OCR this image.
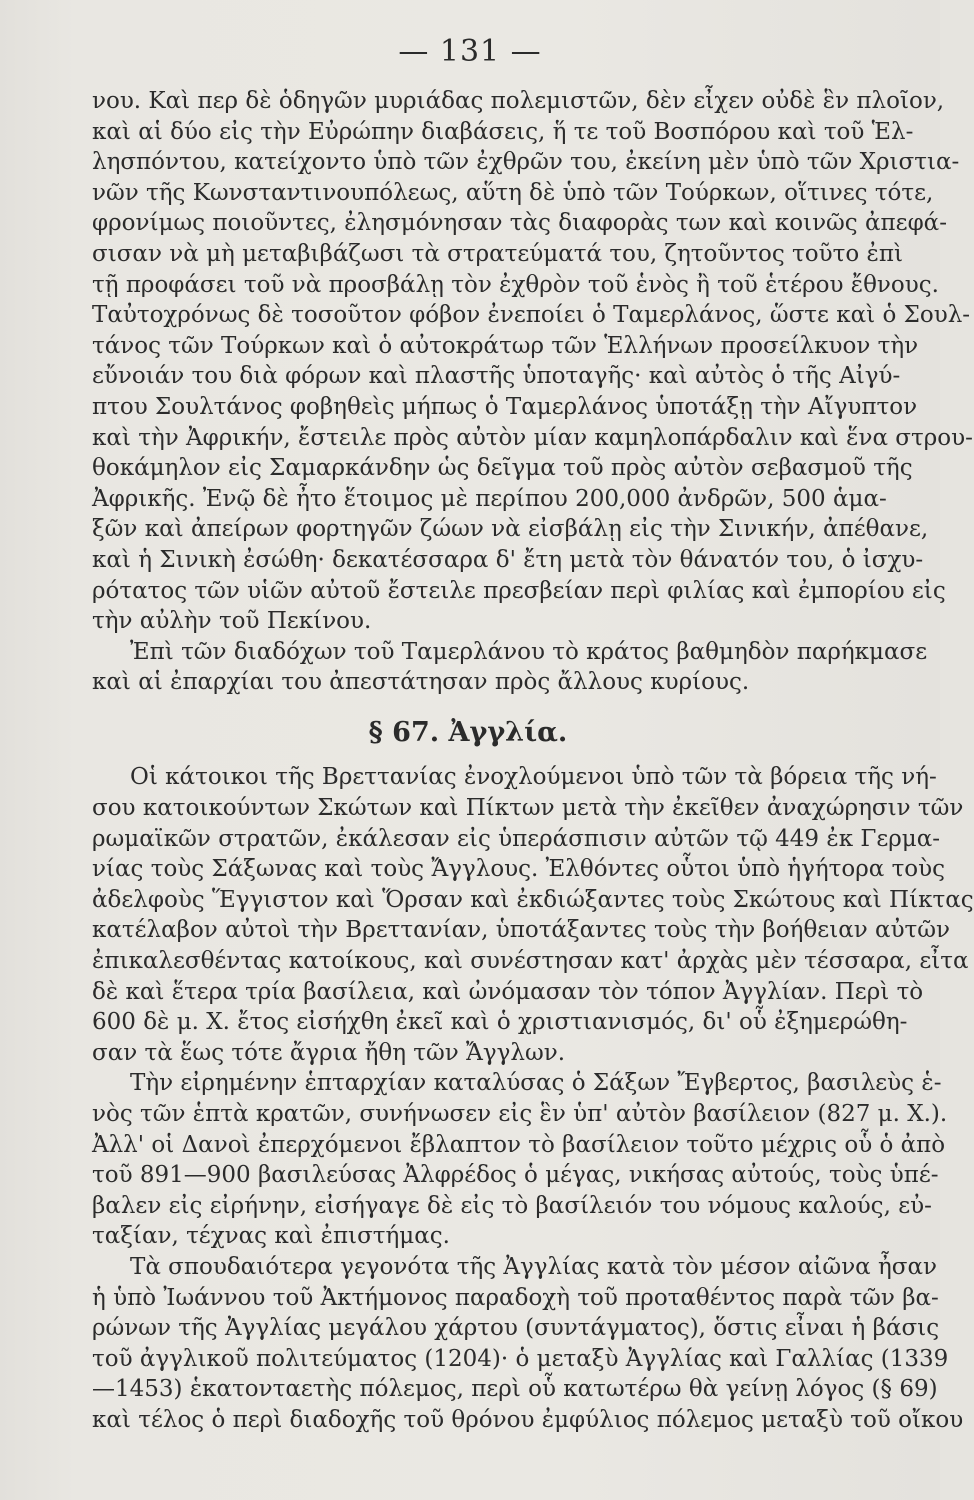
— 131 —
νου. Καὶ περ δὲ ὁδηγῶν μυριάδας πολεμιστῶν, δὲν εἶχεν οὐδὲ ἓν πλοῖον,
καὶ αἱ δύο εἰς τὴν Εὐρώπην διαβάσεις, ἥ τε τοῦ Βοσπόρου καὶ τοῦ Ἑλ-
λησπόντου, κατείχοντο ὑπὸ τῶν ἐχθρῶν του, ἐκείνη μὲν ὑπὸ τῶν Χριστια-
νῶν τῆς Κωνσταντινουπόλεως, αὕτη δὲ ὑπὸ τῶν Τούρκων, οἵτινες τότε,
φρονίμως ποιοῦντες, ἐλησμόνησαν τὰς διαφορὰς των καὶ κοινῶς ἀπεφά-
σισαν νὰ μὴ μεταβιβάζωσι τὰ στρατεύματά του, ζητοῦντος τοῦτο ἐπὶ
τῇ προφάσει τοῦ νὰ προσβάλῃ τὸν ἐχθρὸν τοῦ ἑνὸς ἢ τοῦ ἑτέρου ἔθνους.
Ταὐτοχρόνως δὲ τοσοῦτον φόβον ἐνεποίει ὁ Ταμερλάνος, ὥστε καὶ ὁ Σουλ-
τάνος τῶν Τούρκων καὶ ὁ αὐτοκράτωρ τῶν Ἑλλήνων προσείλκυον τὴν
εὔνοιάν του διὰ φόρων καὶ πλαστῆς ὑποταγῆς· καὶ αὐτὸς ὁ τῆς Αἰγύ-
πτου Σουλτάνος φοβηθεὶς μήπως ὁ Ταμερλάνος ὑποτάξῃ τὴν Αἴγυπτον
καὶ τὴν Ἀφρικήν, ἔστειλε πρὸς αὐτὸν μίαν καμηλοπάρδαλιν καὶ ἕνα στρου-
θοκάμηλον εἰς Σαμαρκάνδην ὡς δεῖγμα τοῦ πρὸς αὐτὸν σεβασμοῦ τῆς
Ἀφρικῆς. Ἐνῷ δὲ ἦτο ἕτοιμος μὲ περίπου 200,000 ἀνδρῶν, 500 ἁμα-
ξῶν καὶ ἀπείρων φορτηγῶν ζώων νὰ εἰσβάλῃ εἰς τὴν Σινικήν, ἀπέθανε,
καὶ ἡ Σινικὴ ἐσώθη· δεκατέσσαρα δ' ἔτη μετὰ τὸν θάνατόν του, ὁ ἰσχυ-
ρότατος τῶν υἱῶν αὐτοῦ ἔστειλε πρεσβείαν περὶ φιλίας καὶ ἐμπορίου εἰς
τὴν αὐλὴν τοῦ Πεκίνου.
Ἐπὶ τῶν διαδόχων τοῦ Ταμερλάνου τὸ κράτος βαθμηδὸν παρήκμασε
καὶ αἱ ἐπαρχίαι του ἀπεστάτησαν πρὸς ἄλλους κυρίους.
§ 67. Ἀγγλία.
Οἱ κάτοικοι τῆς Βρεττανίας ἐνοχλούμενοι ὑπὸ τῶν τὰ βόρεια τῆς νή-
σου κατοικούντων Σκώτων καὶ Πίκτων μετὰ τὴν ἐκεῖθεν ἀναχώρησιν τῶν
ρωμαϊκῶν στρατῶν, ἐκάλεσαν εἰς ὑπεράσπισιν αὐτῶν τῷ 449 ἐκ Γερμα-
νίας τοὺς Σάξωνας καὶ τοὺς Ἄγγλους. Ἐλθόντες οὗτοι ὑπὸ ἡγήτορα τοὺς
ἀδελφοὺς Ἕγγιστον καὶ Ὅρσαν καὶ ἐκδιώξαντες τοὺς Σκώτους καὶ Πίκτας
κατέλαβον αὐτοὶ τὴν Βρεττανίαν, ὑποτάξαντες τοὺς τὴν βοήθειαν αὐτῶν
ἐπικαλεσθέντας κατοίκους, καὶ συνέστησαν κατ' ἀρχὰς μὲν τέσσαρα, εἶτα
δὲ καὶ ἕτερα τρία βασίλεια, καὶ ὠνόμασαν τὸν τόπον Ἀγγλίαν. Περὶ τὸ
600 δὲ μ. Χ. ἔτος εἰσήχθη ἐκεῖ καὶ ὁ χριστιανισμός, δι' οὗ ἐξημερώθη-
σαν τὰ ἕως τότε ἄγρια ἤθη τῶν Ἄγγλων.
Τὴν εἰρημένην ἑπταρχίαν καταλύσας ὁ Σάξων Ἔγβερτος, βασιλεὺς ἑ-
νὸς τῶν ἑπτὰ κρατῶν, συνήνωσεν εἰς ἓν ὑπ' αὐτὸν βασίλειον (827 μ. Χ.).
Ἀλλ' οἱ Δανοὶ ἐπερχόμενοι ἔβλαπτον τὸ βασίλειον τοῦτο μέχρις οὗ ὁ ἀπὸ
τοῦ 891—900 βασιλεύσας Ἀλφρέδος ὁ μέγας, νικήσας αὐτούς, τοὺς ὑπέ-
βαλεν εἰς εἰρήνην, εἰσήγαγε δὲ εἰς τὸ βασίλειόν του νόμους καλούς, εὐ-
ταξίαν, τέχνας καὶ ἐπιστήμας.
Τὰ σπουδαιότερα γεγονότα τῆς Ἀγγλίας κατὰ τὸν μέσον αἰῶνα ἦσαν
ἡ ὑπὸ Ἰωάννου τοῦ Ἀκτήμονος παραδοχὴ τοῦ προταθέντος παρὰ τῶν βα-
ρώνων τῆς Ἀγγλίας μεγάλου χάρτου (συντάγματος), ὅστις εἶναι ἡ βάσις
τοῦ ἀγγλικοῦ πολιτεύματος (1204)· ὁ μεταξὺ Ἀγγλίας καὶ Γαλλίας (1339
—1453) ἑκατονταετὴς πόλεμος, περὶ οὗ κατωτέρω θὰ γείνῃ λόγος (§ 69)
καὶ τέλος ὁ περὶ διαδοχῆς τοῦ θρόνου ἐμφύλιος πόλεμος μεταξὺ τοῦ οἴκου
